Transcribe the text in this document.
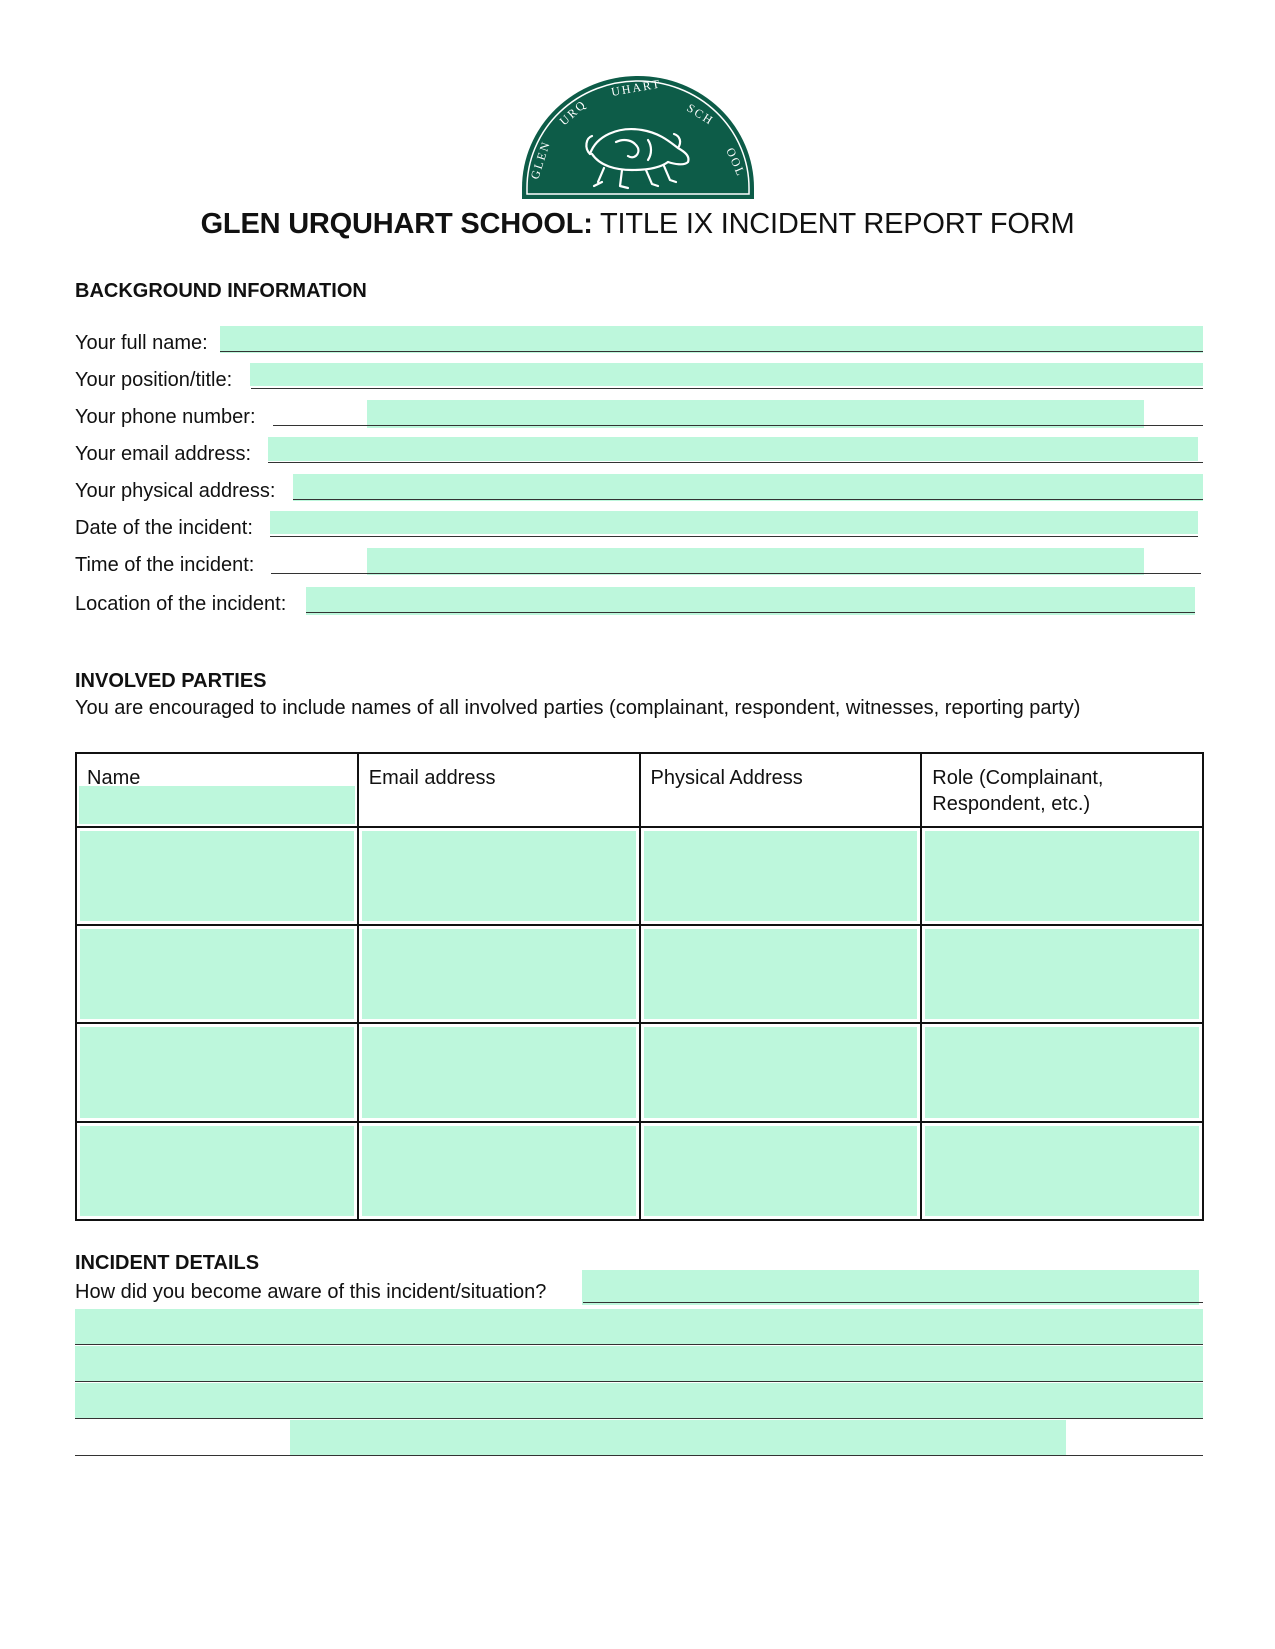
GLEN URQUHART SCHOOL
GLEN
URQ
UHART
SCH
OOL
GLEN URQUHART SCHOOL: TITLE IX INCIDENT REPORT FORM
BACKGROUND INFORMATION
Your full name:
Your position/title:
Your phone number:
Your email address:
Your physical address:
Date of the incident:
Time of the incident:
Location of the incident:
INVOLVED PARTIES
You are encouraged to include names of all involved parties (complainant, respondent, witnesses, reporting party)
Name	Email address	Physical Address	Role (Complainant, Respondent, etc.)

INCIDENT DETAILS
How did you become aware of this incident/situation?
